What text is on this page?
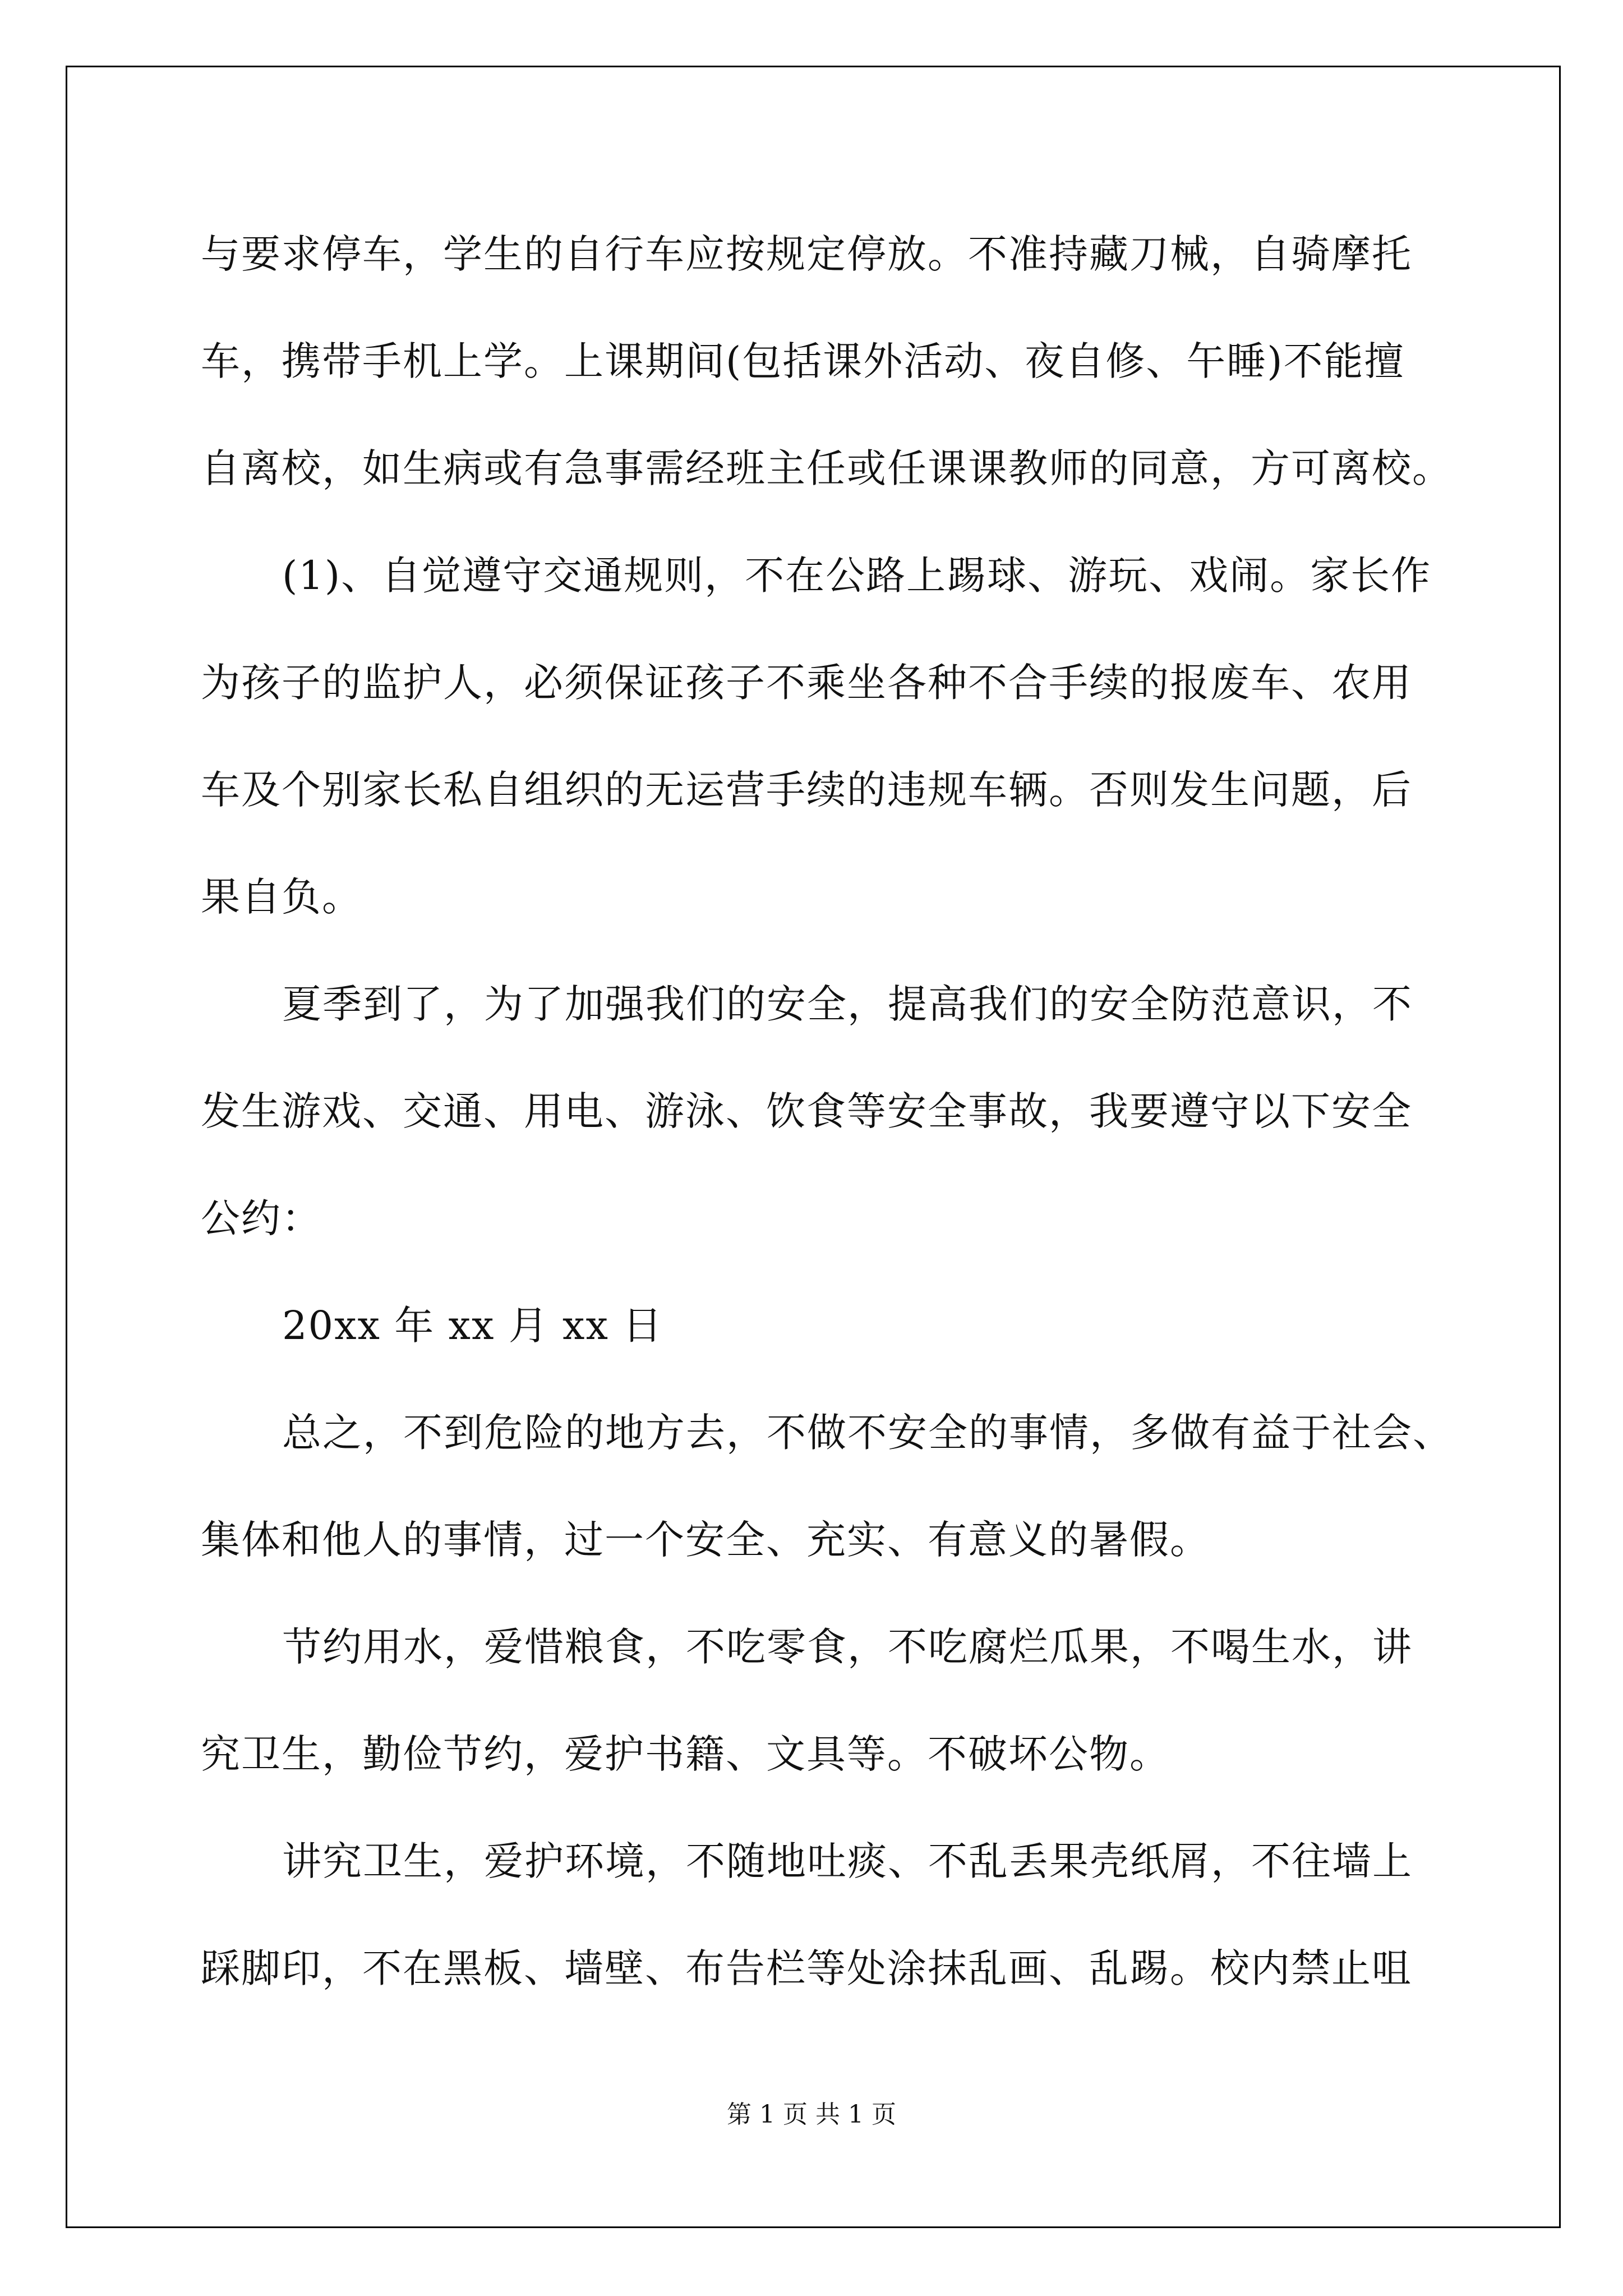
与要求停车，学生的自行车应按规定停放。不准持藏刀械，自骑摩托
车，携带手机上学。上课期间(包括课外活动、夜自修、午睡)不能擅
自离校，如生病或有急事需经班主任或任课课教师的同意，方可离校。
(1)、自觉遵守交通规则，不在公路上踢球、游玩、戏闹。家长作
为孩子的监护人，必须保证孩子不乘坐各种不合手续的报废车、农用
车及个别家长私自组织的无运营手续的违规车辆。否则发生问题，后
果自负。
夏季到了，为了加强我们的安全，提高我们的安全防范意识，不
发生游戏、交通、用电、游泳、饮食等安全事故，我要遵守以下安全
公约：
20xx 年 xx 月 xx 日
总之，不到危险的地方去，不做不安全的事情，多做有益于社会、
集体和他人的事情，过一个安全、充实、有意义的暑假。
节约用水，爱惜粮食，不吃零食，不吃腐烂瓜果，不喝生水，讲
究卫生，勤俭节约，爱护书籍、文具等。不破坏公物。
讲究卫生，爱护环境，不随地吐痰、不乱丢果壳纸屑，不往墙上
踩脚印，不在黑板、墙壁、布告栏等处涂抹乱画、乱踢。校内禁止咀
第 1 页 共 1 页
